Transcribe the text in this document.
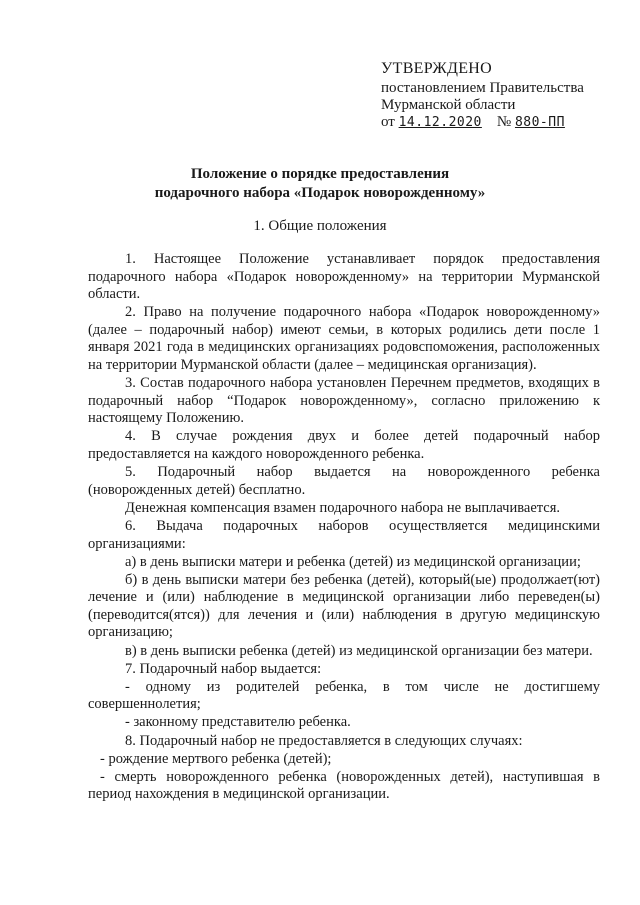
УТВЕРЖДЕНО
постановлением Правительства
Мурманской области
от 14.12.2020 № 880-ПП
Положение о порядке предоставления
подарочного набора «Подарок новорожденному»
1. Общие положения

1. Настоящее Положение устанавливает порядок предоставления подарочного набора «Подарок новорожденному» на территории Мурманской области.

2. Право на получение подарочного набора «Подарок новорожденному» (далее – подарочный набор) имеют семьи, в которых родились дети после 1 января 2021 года в медицинских организациях родовспоможения, расположенных на территории Мурманской области (далее – медицинская организация).

3. Состав подарочного набора установлен Перечнем предметов, входящих в подарочный набор “Подарок новорожденному», согласно приложению к настоящему Положению.

4. В случае рождения двух и более детей подарочный набор предоставляется на каждого новорожденного ребенка.

5. Подарочный набор выдается на новорожденного ребенка (новорожденных детей) бесплатно.

Денежная компенсация взамен подарочного набора не выплачивается.

6. Выдача подарочных наборов осуществляется медицинскими организациями:

а) в день выписки матери и ребенка (детей) из медицинской организации;

б) в день выписки матери без ребенка (детей), который(ые) продолжает(ют) лечение и (или) наблюдение в медицинской организации либо переведен(ы) (переводится(ятся)) для лечения и (или) наблюдения в другую медицинскую организацию;

в) в день выписки ребенка (детей) из медицинской организации без матери.

7. Подарочный набор выдается:

- одному из родителей ребенка, в том числе не достигшему совершеннолетия;

- законному представителю ребенка.

8. Подарочный набор не предоставляется в следующих случаях:

- рождение мертвого ребенка (детей);

- смерть новорожденного ребенка (новорожденных детей), наступившая в период нахождения в медицинской организации.
